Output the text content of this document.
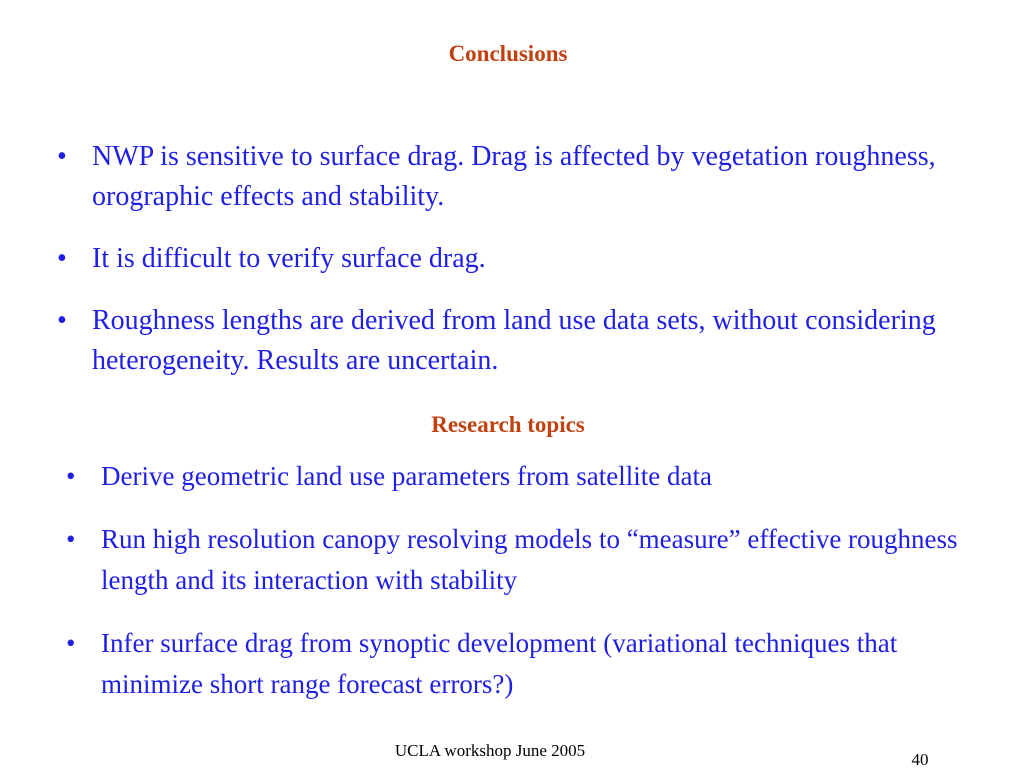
Conclusions
• NWP is sensitive to surface drag. Drag is affected by vegetation roughness, orographic effects and stability.
• It is difficult to verify surface drag.
• Roughness lengths are derived from land use data sets, without considering heterogeneity. Results are uncertain.
Research topics
• Derive geometric land use parameters from satellite data
• Run high resolution canopy resolving models to “measure” effective roughness length and its interaction with stability
• Infer surface drag from synoptic development (variational techniques that minimize short range forecast errors?)
UCLA workshop June 2005	40
